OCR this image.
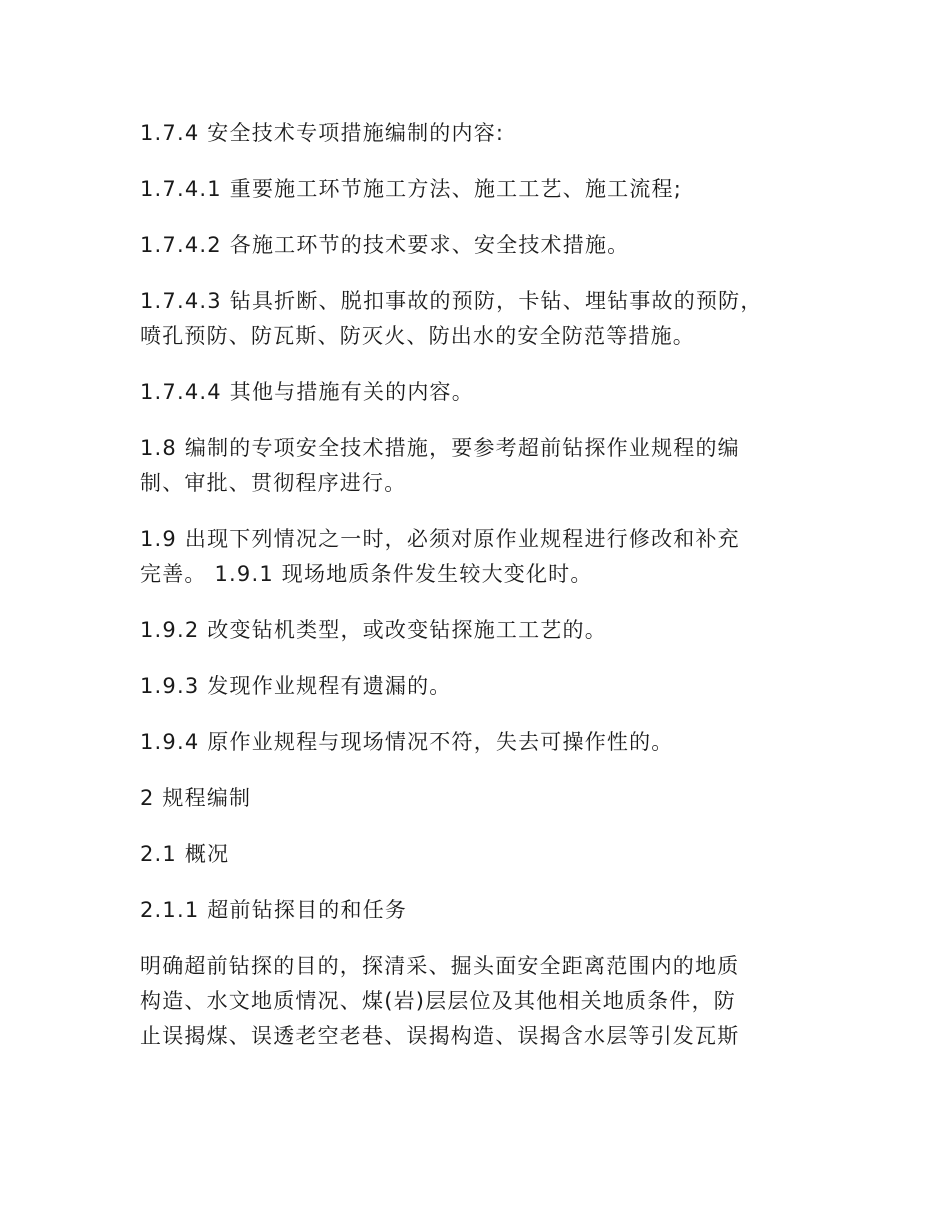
1.7.4 安全技术专项措施编制的内容:

1.7.4.1 重要施工环节施工方法、施工工艺、施工流程;

1.7.4.2 各施工环节的技术要求、安全技术措施。

1.7.4.3 钻具折断、脱扣事故的预防，卡钻、埋钻事故的预防，
喷孔预防、防瓦斯、防灭火、防出水的安全防范等措施。

1.7.4.4 其他与措施有关的内容。

1.8 编制的专项安全技术措施，要参考超前钻探作业规程的编
制、审批、贯彻程序进行。

1.9 出现下列情况之一时，必须对原作业规程进行修改和补充
完善。 1.9.1 现场地质条件发生较大变化时。

1.9.2 改变钻机类型，或改变钻探施工工艺的。

1.9.3 发现作业规程有遗漏的。

1.9.4 原作业规程与现场情况不符，失去可操作性的。

2 规程编制

2.1 概况

2.1.1 超前钻探目的和任务

明确超前钻探的目的，探清采、掘头面安全距离范围内的地质
构造、水文地质情况、煤(岩)层层位及其他相关地质条件，防
止误揭煤、误透老空老巷、误揭构造、误揭含水层等引发瓦斯
